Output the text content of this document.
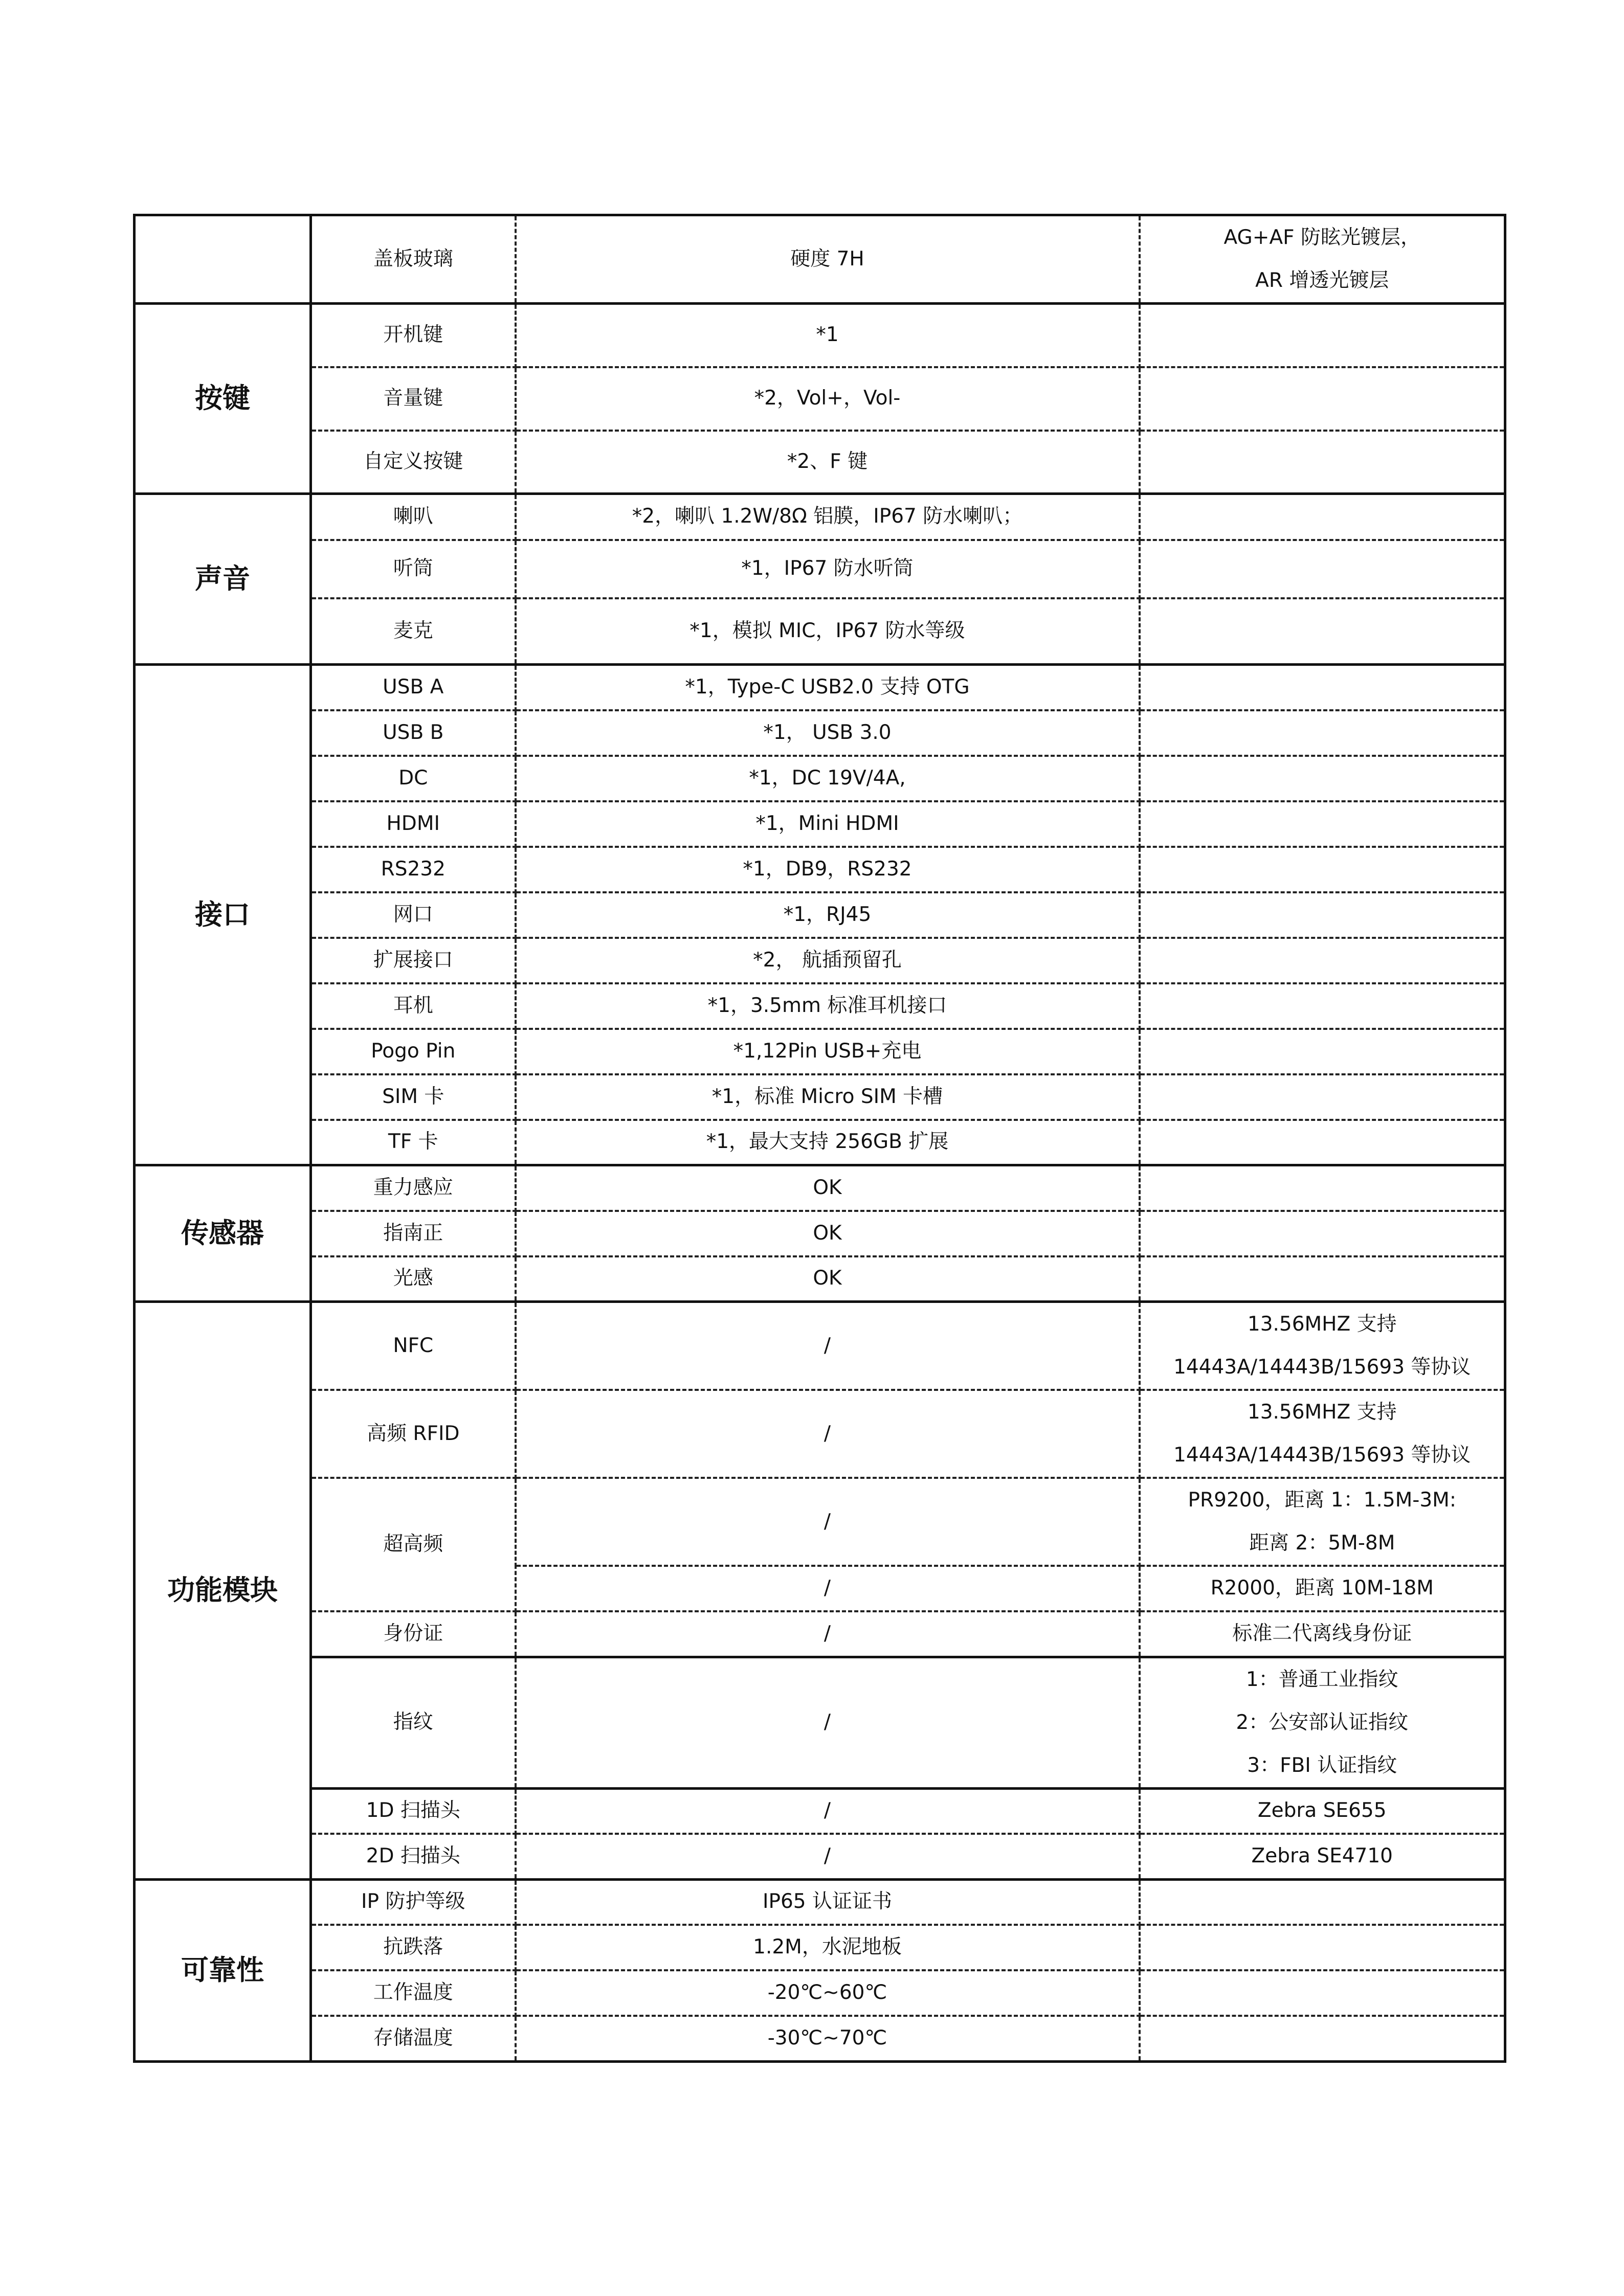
	盖板玻璃	硬度 7H	AG+AF 防眩光镀层，
AR 增透光镀层

按键	开机键	*1	
	音量键	*2，Vol+，Vol-	
	自定义按键	*2、F 键	
声音	喇叭	*2，喇叭 1.2W/8Ω 铝膜，IP67 防水喇叭；	
	听筒	*1，IP67 防水听筒	
	麦克	*1，模拟 MIC，IP67 防水等级	
接口	USB A	*1，Type-C USB2.0 支持 OTG	
	USB B	*1， USB 3.0	
	DC	*1，DC 19V/4A,	
	HDMI	*1，Mini HDMI	
	RS232	*1，DB9，RS232	
	网口	*1，RJ45	
	扩展接口	*2， 航插预留孔	
	耳机	*1，3.5mm 标准耳机接口	
	Pogo Pin	*1,12Pin USB+充电	
	SIM 卡	*1，标准 Micro SIM 卡槽	
	TF 卡	*1，最大支持 256GB 扩展	
传感器	重力感应	OK	
	指南正	OK	
	光感	OK	
功能模块	NFC	/	13.56MHZ 支持
14443A/14443B/15693 等协议

	高频 RFID	/	13.56MHZ 支持
14443A/14443B/15693 等协议

	超高频	/	PR9200，距离 1：1.5M-3M:
距离 2：5M-8M

		/	R2000，距离 10M-18M
	身份证	/	标准二代离线身份证
	指纹	/	1：普通工业指纹
2：公安部认证指纹
3：FBI 认证指纹

	1D 扫描头	/	Zebra SE655
	2D 扫描头	/	Zebra SE4710
可靠性	IP 防护等级	IP65 认证证书	
	抗跌落	1.2M，水泥地板	
	工作温度	-20℃~60℃	
	存储温度	-30℃~70℃	
